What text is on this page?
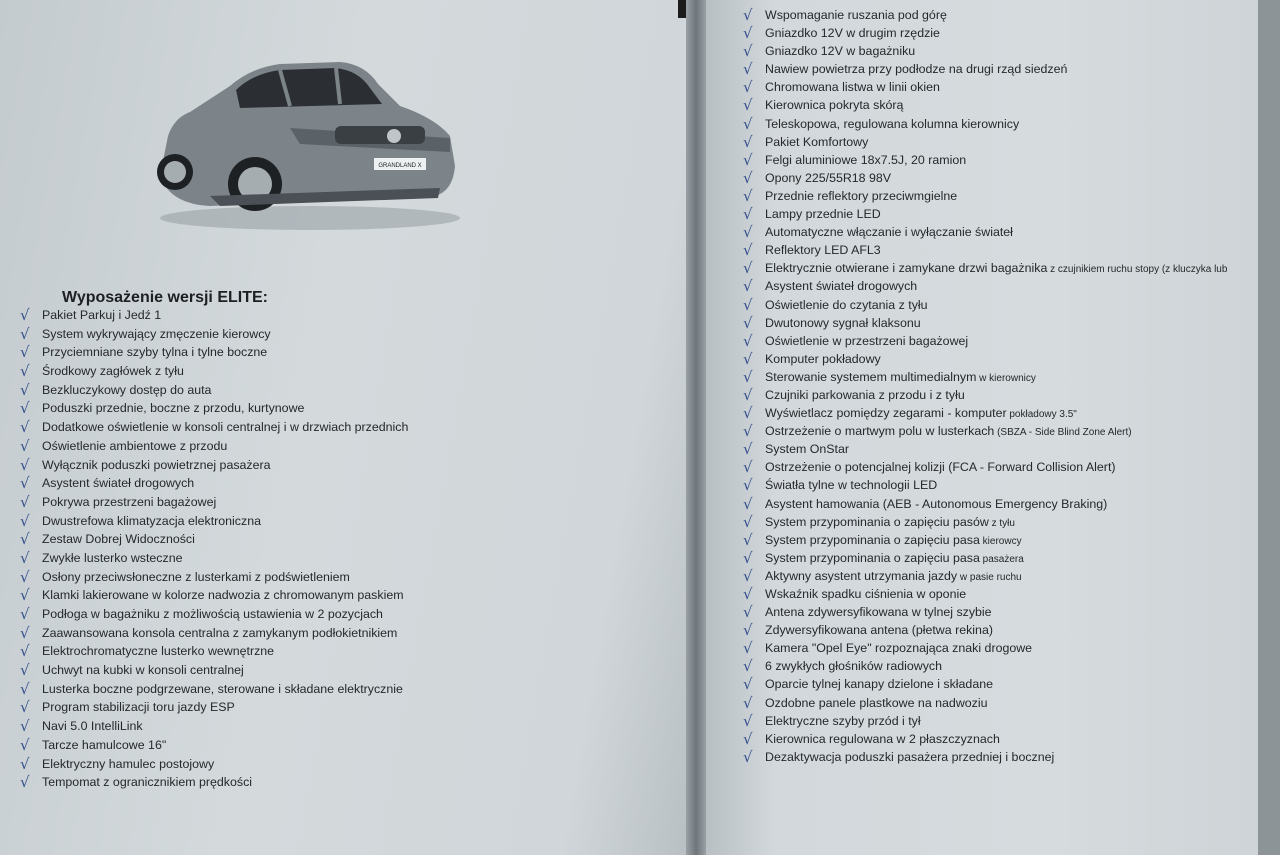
GRANDLAND X
Wyposażenie wersji ELITE:
√ Pakiet Parkuj i Jedź 1
√ System wykrywający zmęczenie kierowcy
√ Przyciemniane szyby tylna i tylne boczne
√ Środkowy zagłówek z tyłu
√ Bezkluczykowy dostęp do auta
√ Poduszki przednie, boczne z przodu, kurtynowe
√ Dodatkowe oświetlenie w konsoli centralnej i w drzwiach przednich
√ Oświetlenie ambientowe z przodu
√ Wyłącznik poduszki powietrznej pasażera
√ Asystent świateł drogowych
√ Pokrywa przestrzeni bagażowej
√ Dwustrefowa klimatyzacja elektroniczna
√ Zestaw Dobrej Widoczności
√ Zwykłe lusterko wsteczne
√ Osłony przeciwsłoneczne z lusterkami z podświetleniem
√ Klamki lakierowane w kolorze nadwozia z chromowanym paskiem
√ Podłoga w bagażniku z możliwością ustawienia w 2 pozycjach
√ Zaawansowana konsola centralna z zamykanym podłokietnikiem
√ Elektrochromatyczne lusterko wewnętrzne
√ Uchwyt na kubki w konsoli centralnej
√ Lusterka boczne podgrzewane, sterowane i składane elektrycznie
√ Program stabilizacji toru jazdy ESP
√ Navi 5.0 IntelliLink
√ Tarcze hamulcowe 16"
√ Elektryczny hamulec postojowy
√ Tempomat z ogranicznikiem prędkości
√ Wspomaganie ruszania pod górę
√ Gniazdko 12V w drugim rzędzie
√ Gniazdko 12V w bagażniku
√ Nawiew powietrza przy podłodze na drugi rząd siedzeń
√ Chromowana listwa w linii okien
√ Kierownica pokryta skórą
√ Teleskopowa, regulowana kolumna kierownicy
√ Pakiet Komfortowy
√ Felgi aluminiowe 18x7.5J, 20 ramion
√ Opony 225/55R18 98V
√ Przednie reflektory przeciwmgielne
√ Lampy przednie LED
√ Automatyczne włączanie i wyłączanie świateł
√ Reflektory LED AFL3
√ Elektrycznie otwierane i zamykane drzwi bagażnika z czujnikiem ruchu stopy (z kluczyka lub
√ Asystent świateł drogowych
√ Oświetlenie do czytania z tyłu
√ Dwutonowy sygnał klaksonu
√ Oświetlenie w przestrzeni bagażowej
√ Komputer pokładowy
√ Sterowanie systemem multimedialnym w kierownicy
√ Czujniki parkowania z przodu i z tyłu
√ Wyświetlacz pomiędzy zegarami - komputer pokładowy 3.5"
√ Ostrzeżenie o martwym polu w lusterkach (SBZA - Side Blind Zone Alert)
√ System OnStar
√ Ostrzeżenie o potencjalnej kolizji (FCA - Forward Collision Alert)
√ Światła tylne w technologii LED
√ Asystent hamowania (AEB - Autonomous Emergency Braking)
√ System przypominania o zapięciu pasów z tyłu
√ System przypominania o zapięciu pasa kierowcy
√ System przypominania o zapięciu pasa pasażera
√ Aktywny asystent utrzymania jazdy w pasie ruchu
√ Wskaźnik spadku ciśnienia w oponie
√ Antena zdywersyfikowana w tylnej szybie
√ Zdywersyfikowana antena (płetwa rekina)
√ Kamera "Opel Eye" rozpoznająca znaki drogowe
√ 6 zwykłych głośników radiowych
√ Oparcie tylnej kanapy dzielone i składane
√ Ozdobne panele plastkowe na nadwoziu
√ Elektryczne szyby przód i tył
√ Kierownica regulowana w 2 płaszczyznach
√ Dezaktywacja poduszki pasażera przedniej i bocznej
